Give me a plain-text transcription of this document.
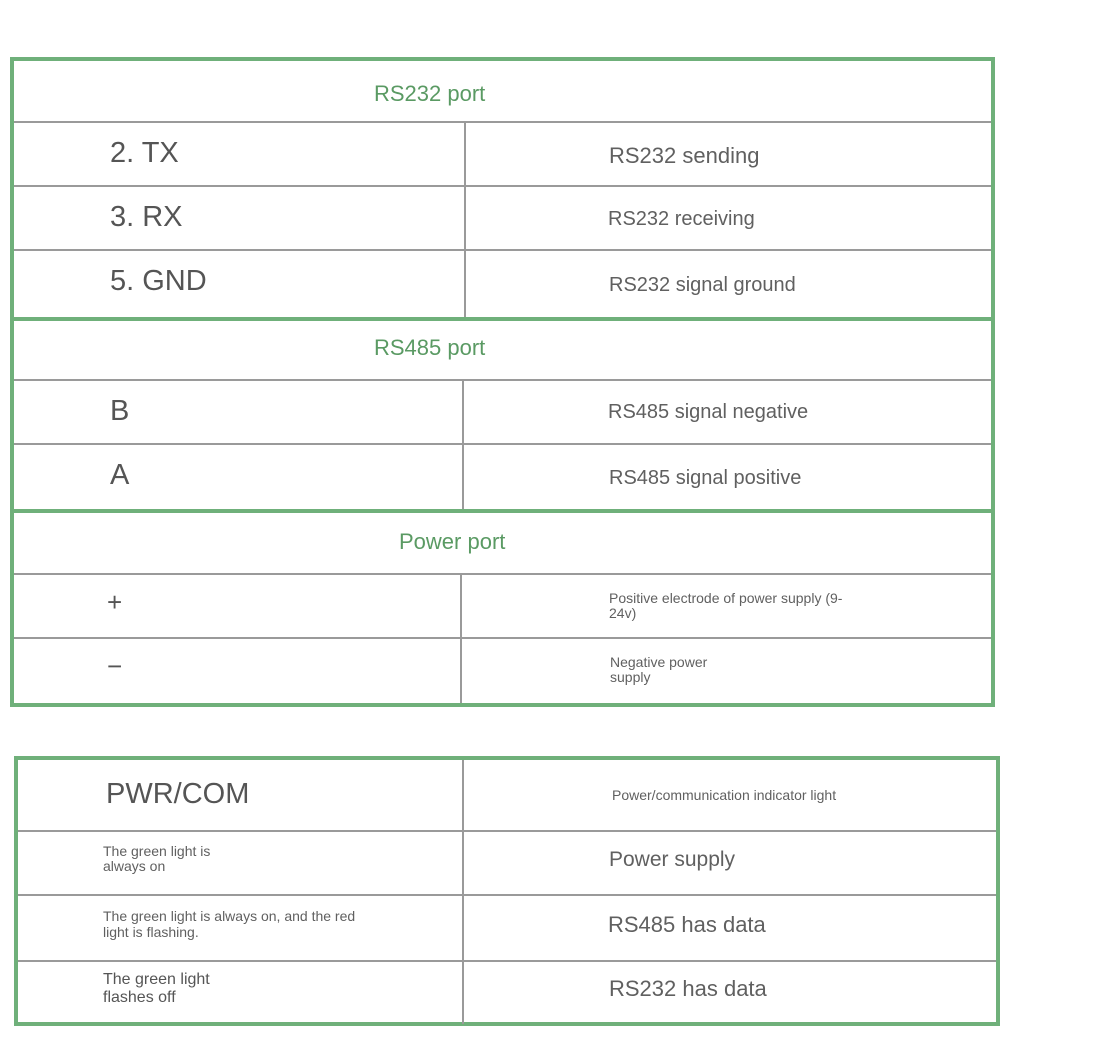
RS232 port
2. TX	RS232 sending
3. RX	RS232 receiving
5. GND	RS232 signal ground
RS485 port
B	RS485 signal negative
A	RS485 signal positive
Power port
+	Positive electrode of power supply (9-24v)
−	Negative power supply
PWR/COM	Power/communication indicator light
The green light is always on	Power supply
The green light is always on, and the red light is flashing.	RS485 has data
The green light flashes off	RS232 has data
